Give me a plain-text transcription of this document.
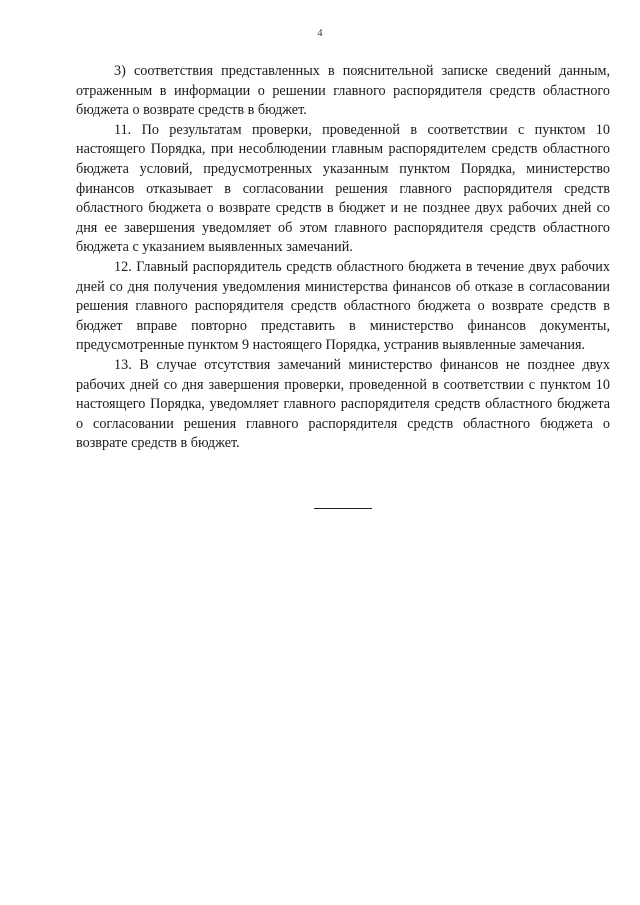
4

3) соответствия представленных в пояснительной записке сведений данным, отраженным в информации о решении главного распорядителя средств областного бюджета о возврате средств в бюджет.

11. По результатам проверки, проведенной в соответствии с пунктом 10 настоящего Порядка, при несоблюдении главным распорядителем средств областного бюджета условий, предусмотренных указанным пунктом Порядка, министерство финансов отказывает в согласовании решения главного распорядителя средств областного бюджета о возврате средств в бюджет и не позднее двух рабочих дней со дня ее завершения уведомляет об этом главного распорядителя средств областного бюджета с указанием выявленных замечаний.

12. Главный распорядитель средств областного бюджета в течение двух рабочих дней со дня получения уведомления министерства финансов об отказе в согласовании решения главного распорядителя средств областного бюджета о возврате средств в бюджет вправе повторно представить в министерство финансов документы, предусмотренные пунктом 9 настоящего Порядка, устранив выявленные замечания.

13. В случае отсутствия замечаний министерство финансов не позднее двух рабочих дней со дня завершения проверки, проведенной в соответствии с пунктом 10 настоящего Порядка, уведомляет главного распорядителя средств областного бюджета о согласовании решения главного распорядителя средств областного бюджета о возврате средств в бюджет.
